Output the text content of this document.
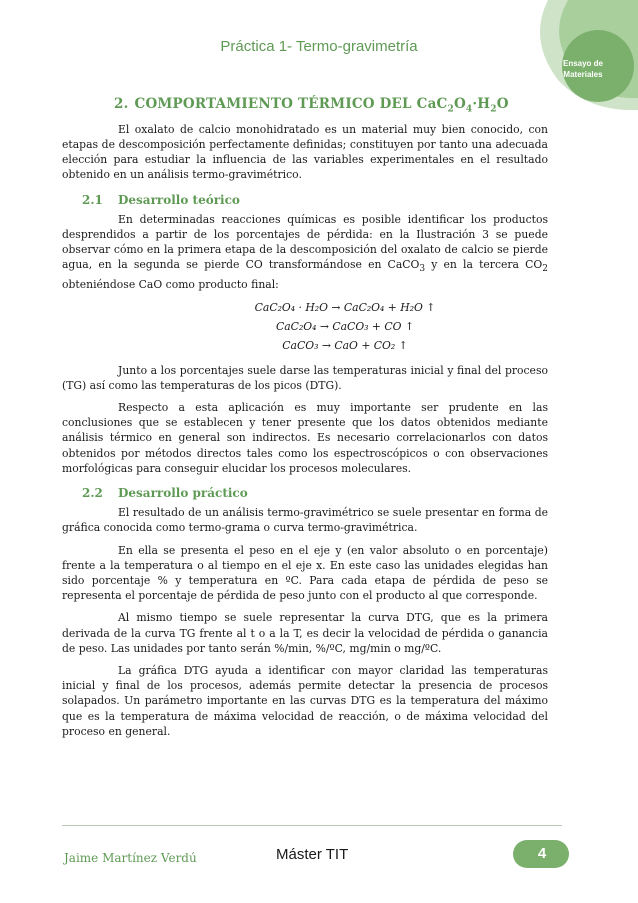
Ensayo de
Materiales
Práctica 1- Termo-gravimetría
2. COMPORTAMIENTO TÉRMICO DEL $CaC_2O_4\cdot H_2O$

El oxalato de calcio monohidratado es un material muy bien conocido, con etapas de descomposición perfectamente definidas; constituyen por tanto una adecuada elección para estudiar la influencia de las variables experimentales en el resultado obtenido en un análisis termo-gravimétrico.

2.1 Desarrollo teórico

En determinadas reacciones químicas es posible identificar los productos desprendidos a partir de los porcentajes de pérdida: en la Ilustración 3 se puede observar cómo en la primera etapa de la descomposición del oxalato de calcio se pierde agua, en la segunda se pierde CO transformándose en CaCO$_3$ y en la tercera $CO_2$ obteniéndose CaO como producto final:

CaC₂O₄ · H₂O → CaC₂O₄ + H₂O ↑
CaC₂O₄ → CaCO₃ + CO ↑
CaCO₃ → CaO + CO₂ ↑

Junto a los porcentajes suele darse las temperaturas inicial y final del proceso (TG) así como las temperaturas de los picos (DTG).

Respecto a esta aplicación es muy importante ser prudente en las conclusiones que se establecen y tener presente que los datos obtenidos mediante análisis térmico en general son indirectos. Es necesario correlacionarlos con datos obtenidos por métodos directos tales como los espectroscópicos o con observaciones morfológicas para conseguir elucidar los procesos moleculares.

2.2 Desarrollo práctico

El resultado de un análisis termo-gravimétrico se suele presentar en forma de gráfica conocida como termo-grama o curva termo-gravimétrica.

En ella se presenta el peso en el eje y (en valor absoluto o en porcentaje) frente a la temperatura o al tiempo en el eje x. En este caso las unidades elegidas han sido porcentaje % y temperatura en ºC. Para cada etapa de pérdida de peso se representa el porcentaje de pérdida de peso junto con el producto al que corresponde.

Al mismo tiempo se suele representar la curva DTG, que es la primera derivada de la curva TG frente al t o a la T, es decir la velocidad de pérdida o ganancia de peso. Las unidades por tanto serán %/min, %/ºC, mg/min o mg/ºC.

La gráfica DTG ayuda a identificar con mayor claridad las temperaturas inicial y final de los procesos, además permite detectar la presencia de procesos solapados. Un parámetro importante en las curvas DTG es la temperatura del máximo que es la temperatura de máxima velocidad de reacción, o de máxima velocidad del proceso en general.

Jaime Martínez Verdú	Máster TIT	4
